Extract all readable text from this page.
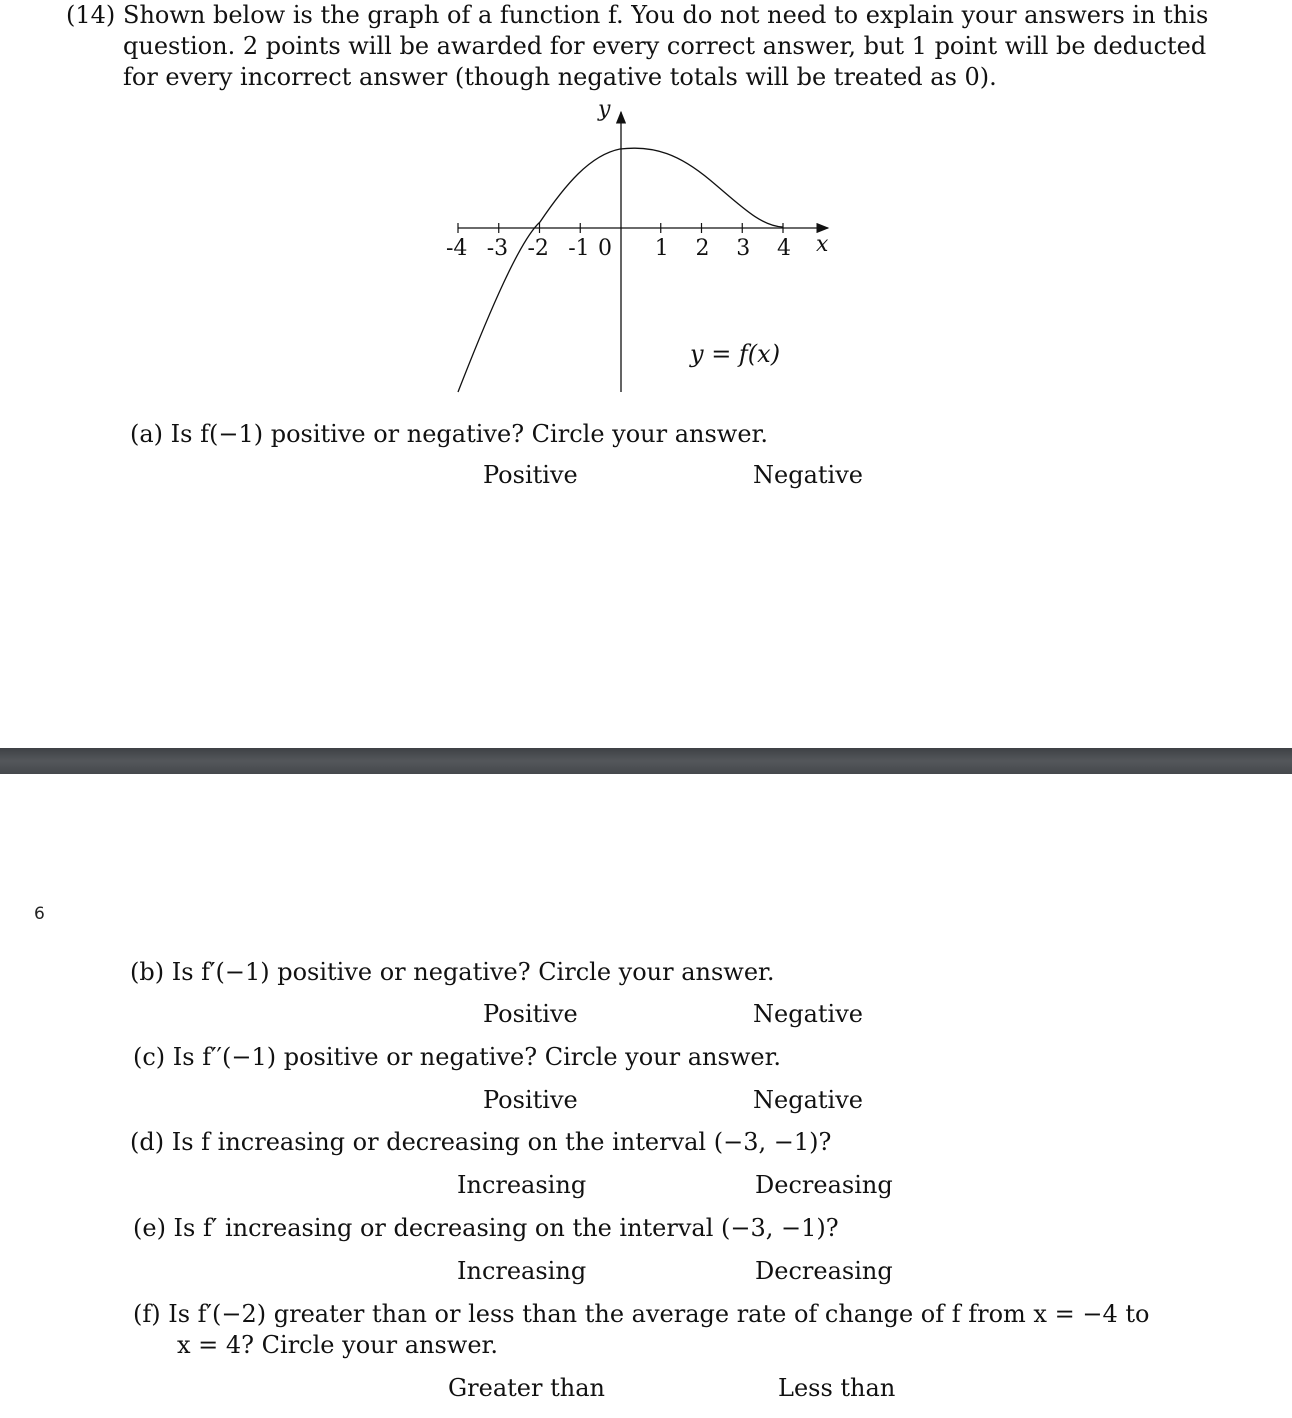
(14) Shown below is the graph of a function f. You do not need to explain your answers in this
question. 2 points will be awarded for every correct answer, but 1 point will be deducted
for every incorrect answer (though negative totals will be treated as 0).
-4 -3 -2 -1 0 1 2 3 4
y
x
y = f(x)
(a) Is f(−1) positive or negative? Circle your answer.
Positive	Negative
6
(b) Is f′(−1) positive or negative? Circle your answer.
Positive	Negative
(c) Is f′′(−1) positive or negative? Circle your answer.
Positive	Negative
(d) Is f increasing or decreasing on the interval (−3, −1)?
Increasing	Decreasing
(e) Is f′ increasing or decreasing on the interval (−3, −1)?
Increasing	Decreasing
(f) Is f′(−2) greater than or less than the average rate of change of f from x = −4 to
x = 4? Circle your answer.
Greater than	Less than
